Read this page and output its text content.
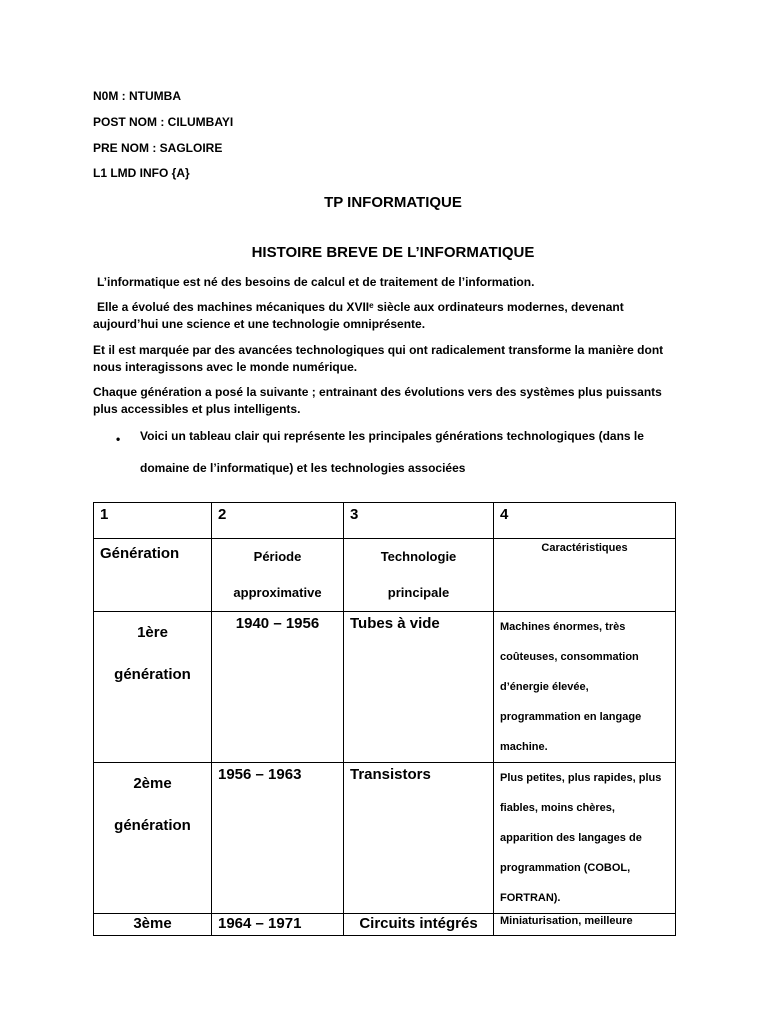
N0M : NTUMBA
POST NOM : CILUMBAYI
PRE NOM : SAGLOIRE
L1 LMD INFO {A}
TP INFORMATIQUE
HISTOIRE BREVE DE L’INFORMATIQUE
L’informatique est né des besoins de calcul et de traitement de l’information.
Elle a évolué des machines mécaniques du XVIIᵉ siècle aux ordinateurs modernes, devenant aujourd’hui une science et une technologie omniprésente.
Et il est marquée par des avancées technologiques qui ont radicalement transforme la manière dont nous interagissons avec le monde numérique.
Chaque génération a posé la suivante ; entrainant des évolutions vers des systèmes plus puissants plus accessibles et plus intelligents.
• Voici un tableau clair qui représente les principales générations technologiques (dans le domaine de l’informatique) et les technologies associées
1	2	3	4
Génération	Période approximative	Technologie principale	Caractéristiques
1ère génération	1940 – 1956	Tubes à vide	Machines énormes, très coûteuses, consommation d’énergie élevée, programmation en langage machine.
2ème génération	1956 – 1963	Transistors	Plus petites, plus rapides, plus fiables, moins chères, apparition des langages de programmation (COBOL, FORTRAN).
3ème	1964 – 1971	Circuits intégrés	Miniaturisation, meilleure
